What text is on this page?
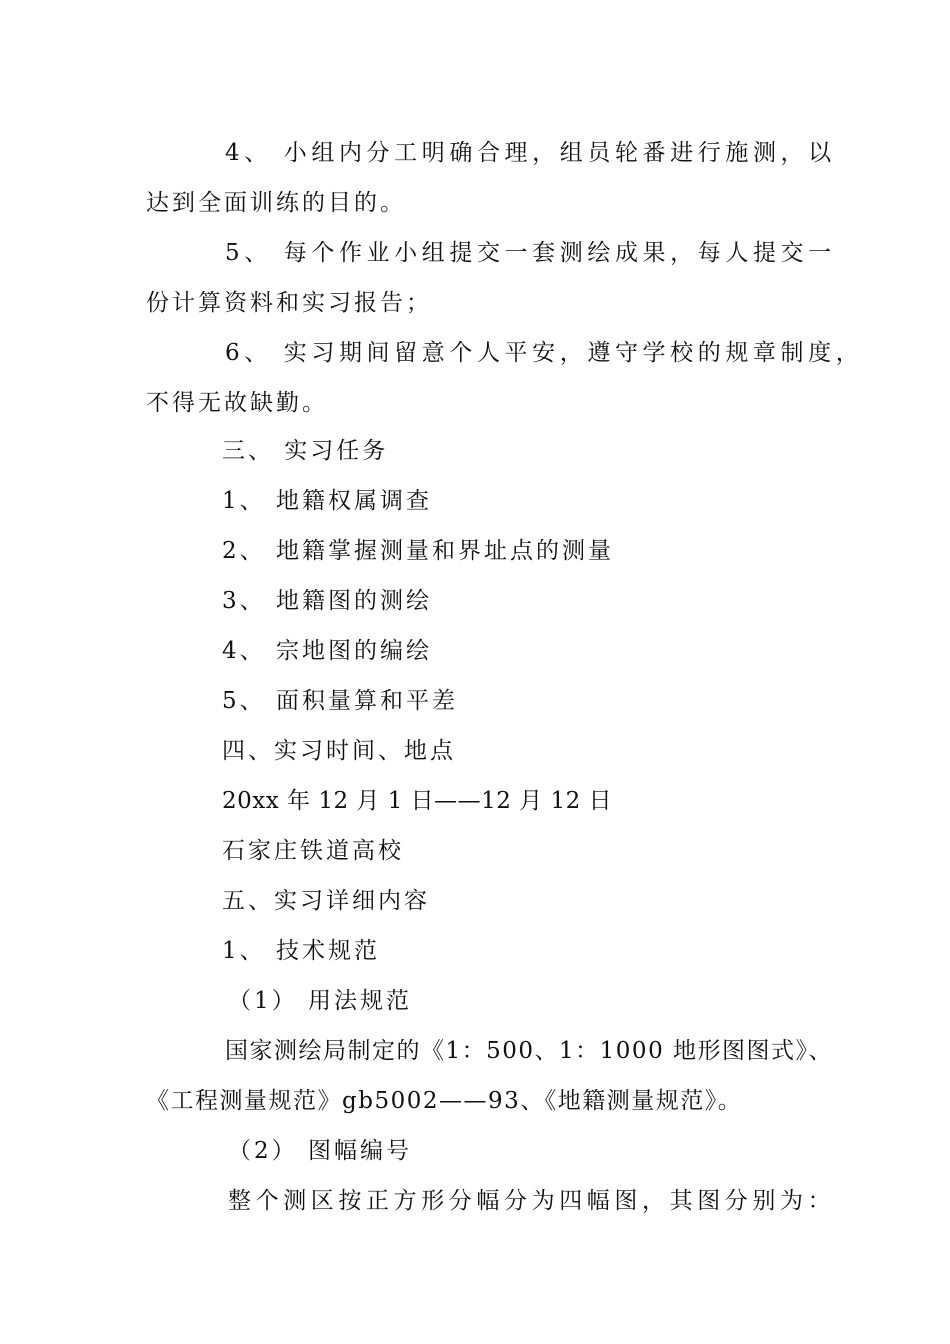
4、 小组内分工明确合理，组员轮番进行施测，以
达到全面训练的目的。
5、 每个作业小组提交一套测绘成果，每人提交一
份计算资料和实习报告；
6、 实习期间留意个人平安，遵守学校的规章制度，
不得无故缺勤。
三、 实习任务
1、 地籍权属调查
2、 地籍掌握测量和界址点的测量
3、 地籍图的测绘
4、 宗地图的编绘
5、 面积量算和平差
四、实习时间、地点
20xx 年 12 月 1 日——12 月 12 日
石家庄铁道高校
五、实习详细内容
1、 技术规范
（1） 用法规范
国家测绘局制定的《1：500、1：1000 地形图图式》、
《工程测量规范》gb5002——93、《地籍测量规范》。
（2） 图幅编号
整个测区按正方形分幅分为四幅图，其图分别为：
